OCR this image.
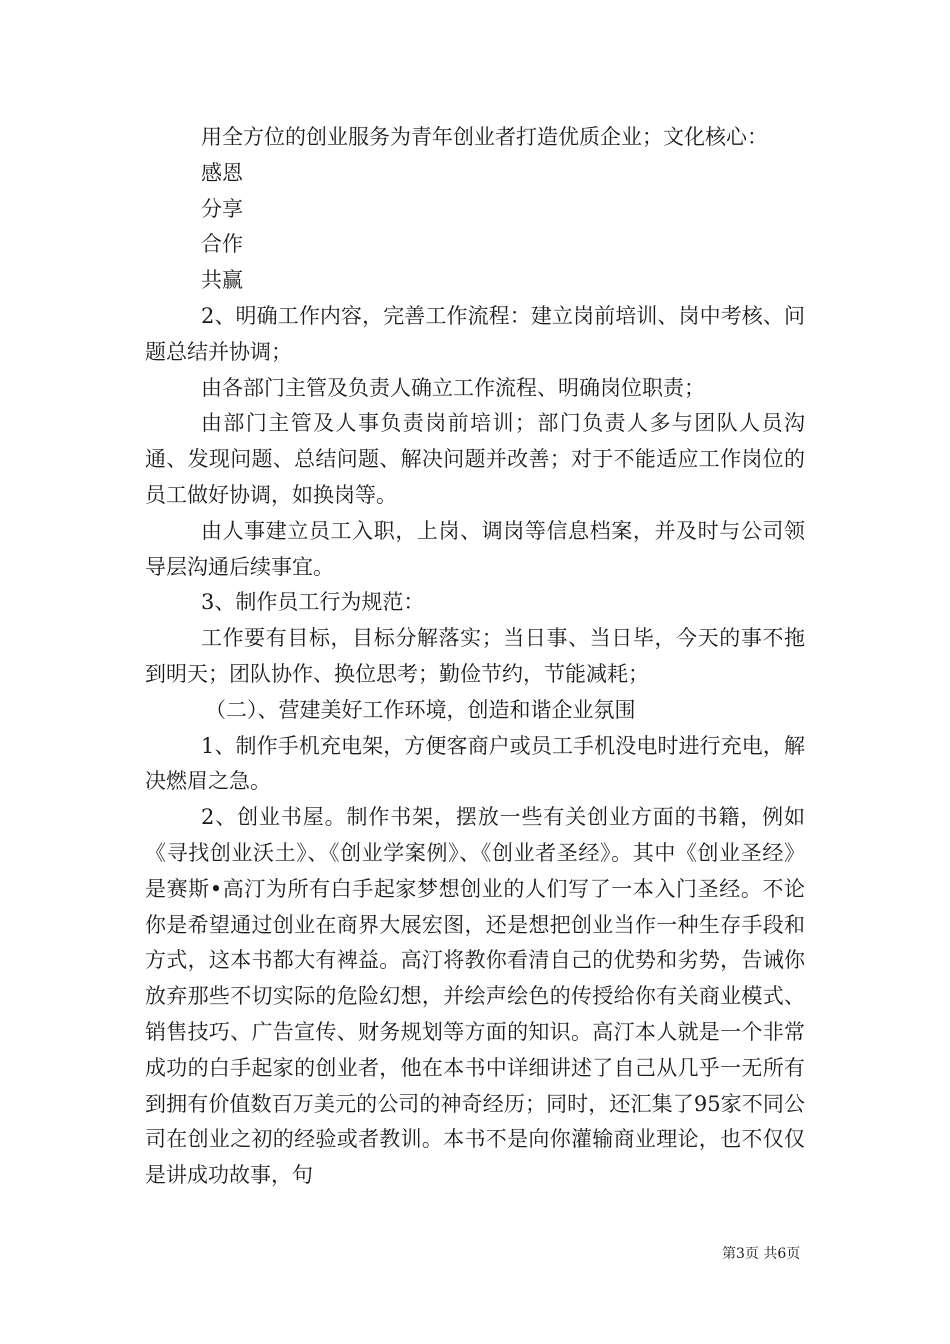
用全方位的创业服务为青年创业者打造优质企业；文化核心：

感恩

分享

合作

共赢

2、明确工作内容，完善工作流程：建立岗前培训、岗中考核、问题总结并协调；

由各部门主管及负责人确立工作流程、明确岗位职责；

由部门主管及人事负责岗前培训；部门负责人多与团队人员沟通、发现问题、总结问题、解决问题并改善；对于不能适应工作岗位的员工做好协调，如换岗等。

由人事建立员工入职，上岗、调岗等信息档案，并及时与公司领导层沟通后续事宜。

3、制作员工行为规范：

工作要有目标，目标分解落实；当日事、当日毕，今天的事不拖到明天；团队协作、换位思考；勤俭节约，节能减耗；

（二）、营建美好工作环境，创造和谐企业氛围

1、制作手机充电架，方便客商户或员工手机没电时进行充电，解决燃眉之急。

2、创业书屋。制作书架，摆放一些有关创业方面的书籍，例如《寻找创业沃土》、《创业学案例》、《创业者圣经》。其中《创业圣经》是赛斯•高汀为所有白手起家梦想创业的人们写了一本入门圣经。不论你是希望通过创业在商界大展宏图，还是想把创业当作一种生存手段和方式，这本书都大有裨益。高汀将教你看清自己的优势和劣势，告诫你放弃那些不切实际的危险幻想，并绘声绘色的传授给你有关商业模式、销售技巧、广告宣传、财务规划等方面的知识。高汀本人就是一个非常成功的白手起家的创业者，他在本书中详细讲述了自己从几乎一无所有到拥有价值数百万美元的公司的神奇经历；同时，还汇集了95家不同公司在创业之初的经验或者教训。本书不是向你灌输商业理论，也不仅仅是讲成功故事，句

第3页 共6页
